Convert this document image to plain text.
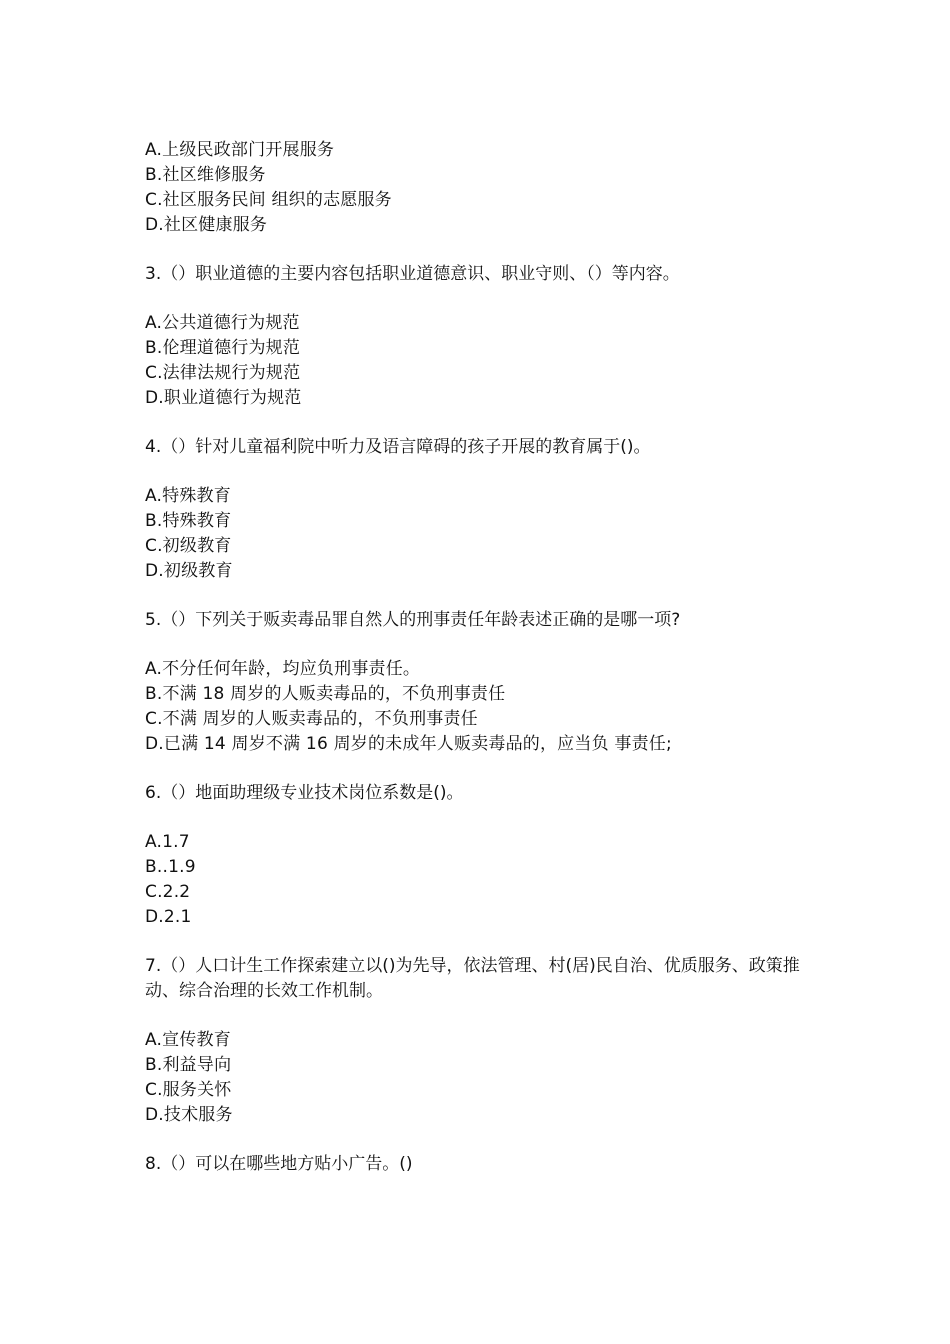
A.上级民政部门开展服务
B.社区维修服务
C.社区服务民间 组织的志愿服务
D.社区健康服务
3.（）职业道德的主要内容包括职业道德意识、职业守则、（）等内容。
A.公共道德行为规范
B.伦理道德行为规范
C.法律法规行为规范
D.职业道德行为规范
4.（）针对儿童福利院中听力及语言障碍的孩子开展的教育属于()。
A.特殊教育
B.特殊教育
C.初级教育
D.初级教育
5.（）下列关于贩卖毒品罪自然人的刑事责任年龄表述正确的是哪一项?
A.不分任何年龄，均应负刑事责任。
B.不满 18 周岁的人贩卖毒品的，不负刑事责任
C.不满 周岁的人贩卖毒品的，不负刑事责任
D.已满 14 周岁不满 16 周岁的未成年人贩卖毒品的，应当负 事责任;
6.（）地面助理级专业技术岗位系数是()。
A.1.7
B..1.9
C.2.2
D.2.1
7.（）人口计生工作探索建立以()为先导，依法管理、村(居)民自治、优质服务、政策推动、综合治理的长效工作机制。
A.宣传教育
B.利益导向
C.服务关怀
D.技术服务
8.（）可以在哪些地方贴小广告。()
